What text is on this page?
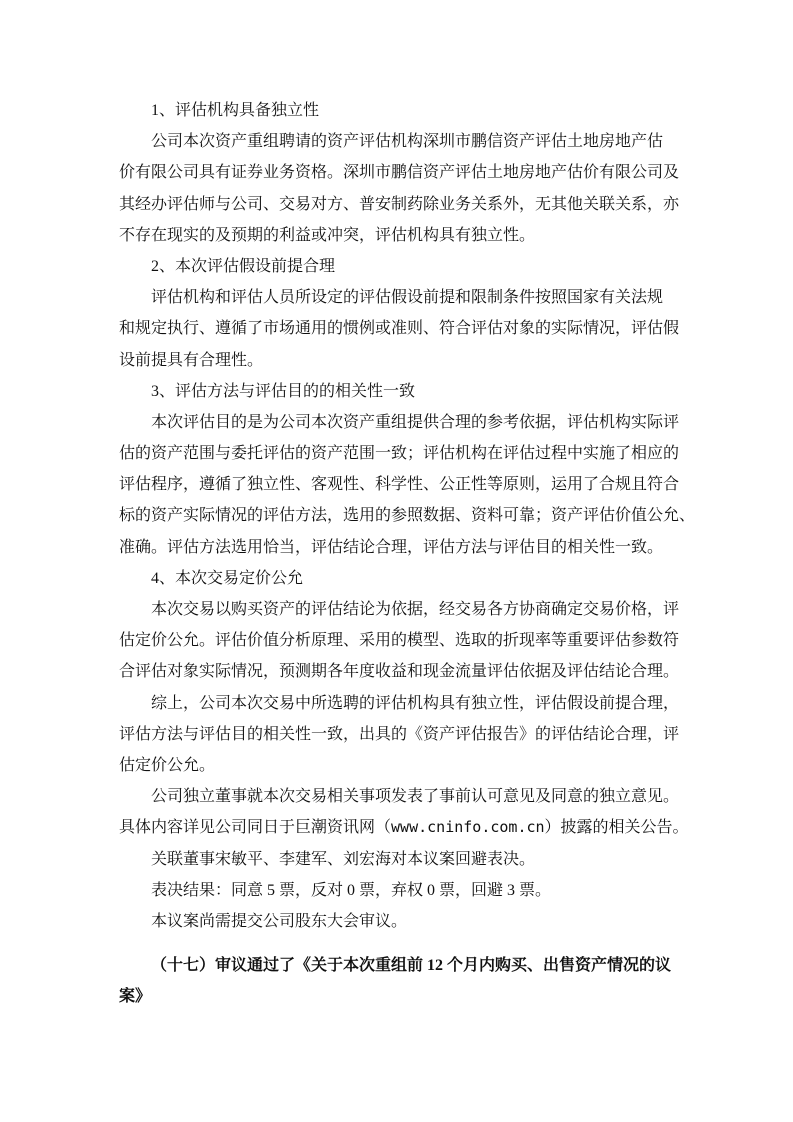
1、评估机构具备独立性
公司本次资产重组聘请的资产评估机构深圳市鹏信资产评估土地房地产估
价有限公司具有证券业务资格。深圳市鹏信资产评估土地房地产估价有限公司及
其经办评估师与公司、交易对方、普安制药除业务关系外，无其他关联关系，亦
不存在现实的及预期的利益或冲突，评估机构具有独立性。
2、本次评估假设前提合理
评估机构和评估人员所设定的评估假设前提和限制条件按照国家有关法规
和规定执行、遵循了市场通用的惯例或准则、符合评估对象的实际情况，评估假
设前提具有合理性。
3、评估方法与评估目的的相关性一致
本次评估目的是为公司本次资产重组提供合理的参考依据，评估机构实际评
估的资产范围与委托评估的资产范围一致；评估机构在评估过程中实施了相应的
评估程序，遵循了独立性、客观性、科学性、公正性等原则，运用了合规且符合
标的资产实际情况的评估方法，选用的参照数据、资料可靠；资产评估价值公允、
准确。评估方法选用恰当，评估结论合理，评估方法与评估目的相关性一致。
4、本次交易定价公允
本次交易以购买资产的评估结论为依据，经交易各方协商确定交易价格，评
估定价公允。评估价值分析原理、采用的模型、选取的折现率等重要评估参数符
合评估对象实际情况，预测期各年度收益和现金流量评估依据及评估结论合理。
综上，公司本次交易中所选聘的评估机构具有独立性，评估假设前提合理，
评估方法与评估目的相关性一致，出具的《资产评估报告》的评估结论合理，评
估定价公允。
公司独立董事就本次交易相关事项发表了事前认可意见及同意的独立意见。
具体内容详见公司同日于巨潮资讯网（www.cninfo.com.cn）披露的相关公告。
关联董事宋敏平、李建军、刘宏海对本议案回避表决。
表决结果：同意 5 票，反对 0 票，弃权 0 票，回避 3 票。
本议案尚需提交公司股东大会审议。
（十七）审议通过了《关于本次重组前 12 个月内购买、出售资产情况的议
案》
